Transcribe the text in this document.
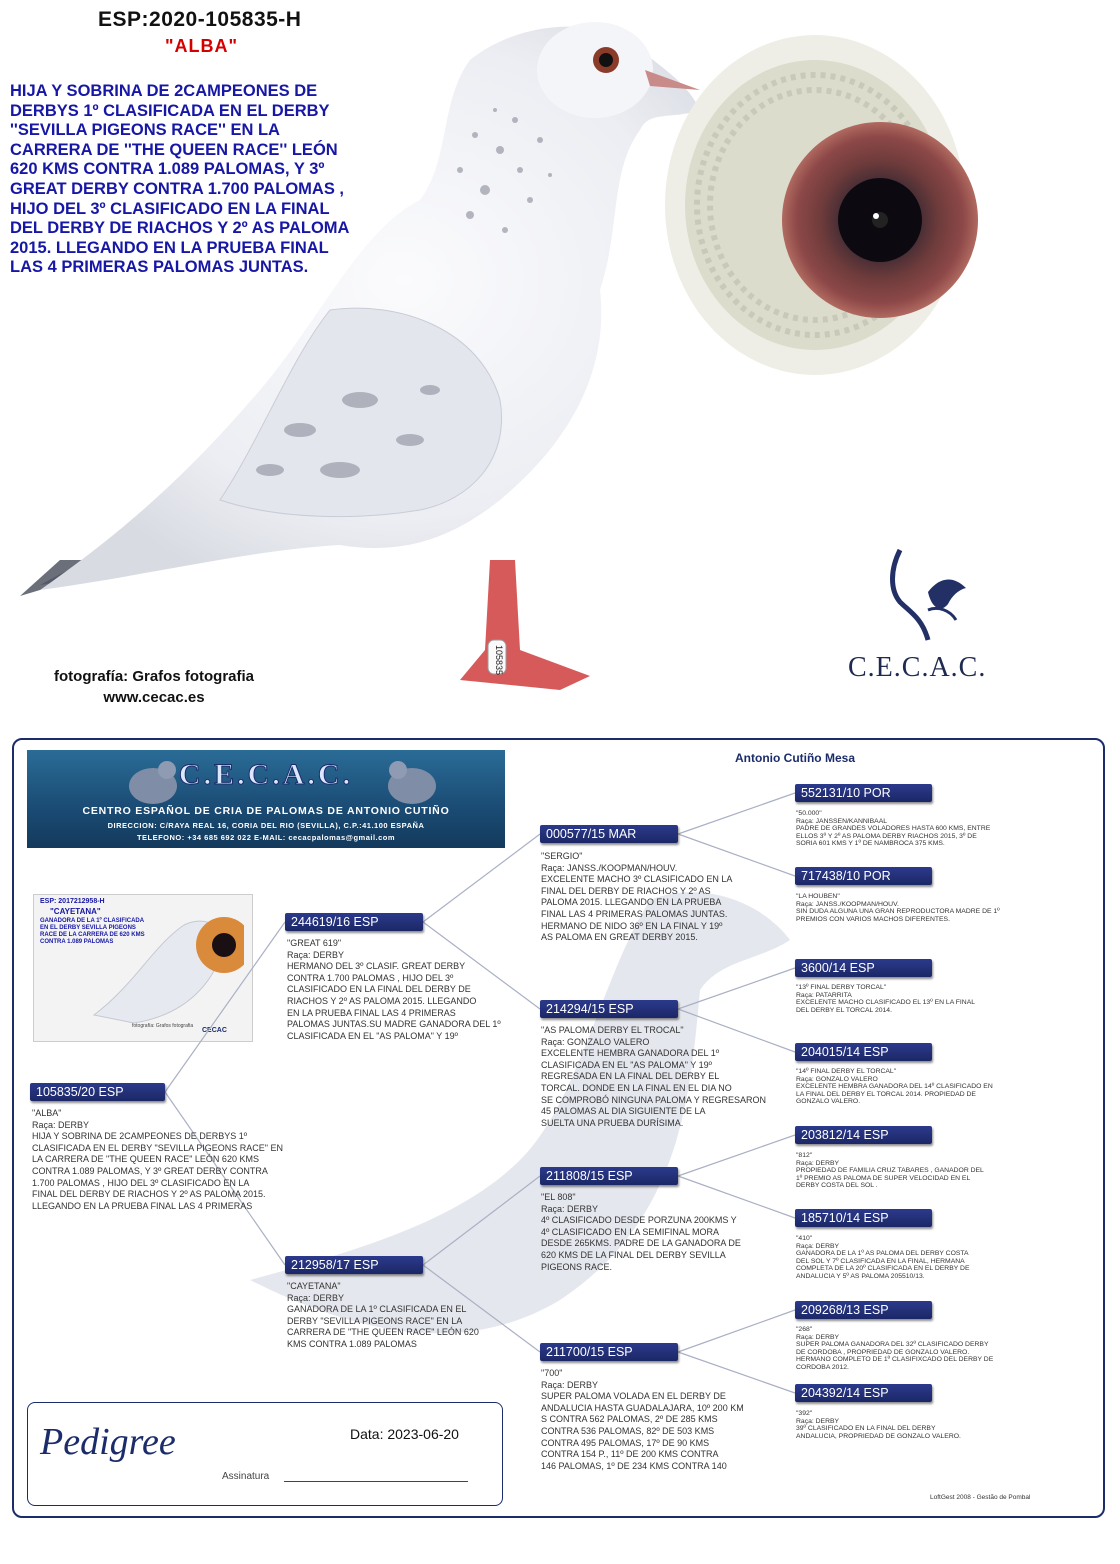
105835
ESP:2020-105835-H
"ALBA"
HIJA Y SOBRINA DE 2CAMPEONES DE
DERBYS 1º CLASIFICADA EN EL DERBY
''SEVILLA PIGEONS RACE'' EN LA
CARRERA DE ''THE QUEEN RACE'' LEÓN
620 KMS CONTRA 1.089 PALOMAS, Y 3º
GREAT DERBY CONTRA 1.700 PALOMAS ,
HIJO DEL 3º CLASIFICADO EN LA FINAL
DEL DERBY DE RIACHOS Y 2º AS PALOMA
2015. LLEGANDO EN LA PRUEBA FINAL
LAS 4 PRIMERAS PALOMAS JUNTAS.
fotografía: Grafos fotografia
www.cecac.es
C.E.C.A.C.
Antonio Cutiño Mesa
C.E.C.A.C.
CENTRO ESPAÑOL DE CRIA DE PALOMAS DE ANTONIO CUTIÑO
DIRECCION: C/RAYA REAL 16, CORIA DEL RIO (SEVILLA), C.P.:41.100 ESPAÑA
TELEFONO: +34 685 692 022 E-MAIL: cecacpalomas@gmail.com
ESP: 2017212958-H
"CAYETANA"
GANADORA DE LA 1º CLASIFICADA
EN EL DERBY SEVILLA PIGEONS
RACE DE LA CARRERA DE 620 KMS
CONTRA 1.089 PALOMAS
fotografía: Grafos fotografia
CECAC
105835/20 ESP
"ALBA"
Raça: DERBY
HIJA Y SOBRINA DE 2CAMPEONES DE DERBYS 1º
CLASIFICADA EN EL DERBY "SEVILLA PIGEONS RACE" EN
LA CARRERA DE "THE QUEEN RACE" LEÓN 620 KMS
CONTRA 1.089 PALOMAS, Y 3º GREAT DERBY CONTRA
1.700 PALOMAS , HIJO DEL 3º CLASIFICADO EN LA
FINAL DEL DERBY DE RIACHOS Y 2º AS PALOMA 2015.
LLEGANDO EN LA PRUEBA FINAL LAS 4 PRIMERAS
244619/16 ESP
"GREAT 619"
Raça: DERBY
HERMANO DEL 3º CLASIF. GREAT DERBY
CONTRA 1.700 PALOMAS , HIJO DEL 3º
CLASIFICADO EN LA FINAL DEL DERBY DE
RIACHOS Y 2º AS PALOMA 2015. LLEGANDO
EN LA PRUEBA FINAL LAS 4 PRIMERAS
PALOMAS JUNTAS.SU MADRE GANADORA DEL 1º
CLASIFICADA EN EL "AS PALOMA" Y 19º
212958/17 ESP
"CAYETANA"
Raça: DERBY
GANADORA DE LA 1º CLASIFICADA EN EL
DERBY "SEVILLA PIGEONS RACE" EN LA
CARRERA DE "THE QUEEN RACE" LEÓN 620
KMS CONTRA 1.089 PALOMAS
000577/15 MAR
"SERGIO"
Raça: JANSS./KOOPMAN/HOUV.
EXCELENTE MACHO 3º CLASIFICADO EN LA
FINAL DEL DERBY DE RIACHOS Y 2º AS
PALOMA 2015. LLEGANDO EN LA PRUEBA
FINAL LAS 4 PRIMERAS PALOMAS JUNTAS.
HERMANO DE NIDO 36º EN LA FINAL Y 19º
AS PALOMA EN GREAT DERBY 2015.
214294/15 ESP
"AS PALOMA DERBY EL TROCAL"
Raça: GONZALO VALERO
EXCELENTE HEMBRA GANADORA DEL 1º
CLASIFICADA EN EL "AS PALOMA" Y 19º
REGRESADA EN LA FINAL DEL DERBY EL
TORCAL. DONDE EN LA FINAL EN EL DIA NO
SE COMPROBÓ NINGUNA PALOMA Y REGRESARON
45 PALOMAS AL DIA SIGUIENTE DE LA
SUELTA UNA PRUEBA DURÍSIMA.
211808/15 ESP
"EL 808"
Raça: DERBY
4º CLASIFICADO DESDE PORZUNA 200KMS Y
4º CLASIFICADO EN LA SEMIFINAL MORA
DESDE 265KMS. PADRE DE LA GANADORA DE
620 KMS DE LA FINAL DEL DERBY SEVILLA
PIGEONS RACE.
211700/15 ESP
"700"
Raça: DERBY
SUPER PALOMA VOLADA EN EL DERBY DE
ANDALUCIA HASTA GUADALAJARA, 10º 200 KM
S CONTRA 562 PALOMAS, 2º DE 285 KMS
CONTRA 536 PALOMAS, 82º DE 503 KMS
CONTRA 495 PALOMAS, 17º DE 90 KMS
CONTRA 154 P., 11º DE 200 KMS CONTRA
146 PALOMAS, 1º DE 234 KMS CONTRA 140
552131/10 POR
"50.000"
Raça: JANSSEN/KANNIBAAL
PADRE DE GRANDES VOLADORES HASTA 600 KMS, ENTRE
ELLOS 3º Y 2º AS PALOMA DERBY RIACHOS 2015, 3º DE
SORIA 601 KMS Y 1º DE NAMBROCA 375 KMS.
717438/10 POR
"LA HOUBEN"
Raça: JANSS./KOOPMAN/HOUV.
SIN DUDA ALGUNA UNA GRAN REPRODUCTORA MADRE DE 1º
PREMIOS CON VARIOS MACHOS DIFERENTES.
3600/14 ESP
"13º FINAL DERBY TORCAL"
Raça: PATARRITA
EXCELENTE MACHO CLASIFICADO EL 13º EN LA FINAL
DEL DERBY EL TORCAL 2014.
204015/14 ESP
"14º FINAL DERBY EL TORCAL"
Raça: GONZALO VALERO
EXCELENTE HEMBRA GANADORA DEL 14º CLASIFICADO EN
LA FINAL DEL DERBY EL TORCAL 2014. PROPIEDAD DE
GONZALO VALERO.
203812/14 ESP
"812"
Raça: DERBY
PROPIEDAD DE FAMILIA CRUZ TABARES , GANADOR DEL
1º PREMIO AS PALOMA DE SUPER VELOCIDAD EN EL
DERBY COSTA DEL SOL .
185710/14 ESP
"410"
Raça: DERBY
GANADORA DE LA 1º AS PALOMA DEL DERBY COSTA
DEL SOL Y 7º CLASIFICADA EN LA FINAL, HERMANA
COMPLETA DE LA 20º CLASIFICADA EN EL DERBY DE
ANDALUCIA Y 5º AS PALOMA 205510/13.
209268/13 ESP
"268"
Raça: DERBY
SUPER PALOMA GANADORA DEL 32º CLASIFICADO DERBY
DE CORDOBA , PROPRIEDAD DE GONZALO VALERO.
HERMANO COMPLETO DE 1º CLASIFIXCADO DEL DERBY DE
CORDOBA 2012.
204392/14 ESP
"392"
Raça: DERBY
39º CLASIFICADO EN LA FINAL DEL DERBY
ANDALUCIA, PROPRIEDAD DE GONZALO VALERO.
Pedigree	Data: 2023-06-20
Assinatura
LoftGest 2008 - Gestão de Pombal
